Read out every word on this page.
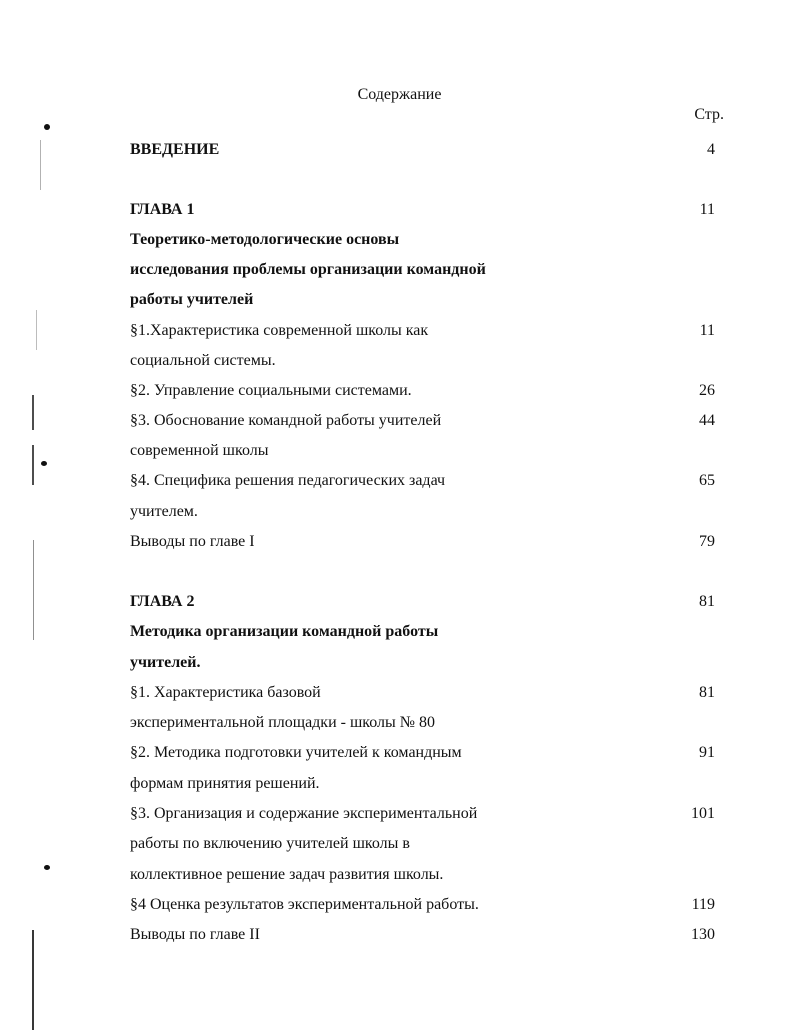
Содержание
Стр.
ВВЕДЕНИЕ	4
ГЛАВА 1	11
Теоретико-методологические основы
исследования проблемы организации командной
работы учителей
§1.Характеристика современной школы как	11
социальной системы.
§2. Управление социальными системами.	26
§3. Обоснование командной работы учителей	44
современной школы
§4. Специфика решения педагогических задач	65
учителем.
Выводы по главе I	79
ГЛАВА 2	81
Методика организации командной работы
учителей.
§1. Характеристика базовой	81
экспериментальной площадки - школы № 80
§2. Методика подготовки учителей к командным	91
формам принятия решений.
§3. Организация и содержание экспериментальной	101
работы по включению учителей школы в
коллективное решение задач развития школы.
§4 Оценка результатов экспериментальной работы.	119
Выводы по главе II	130
